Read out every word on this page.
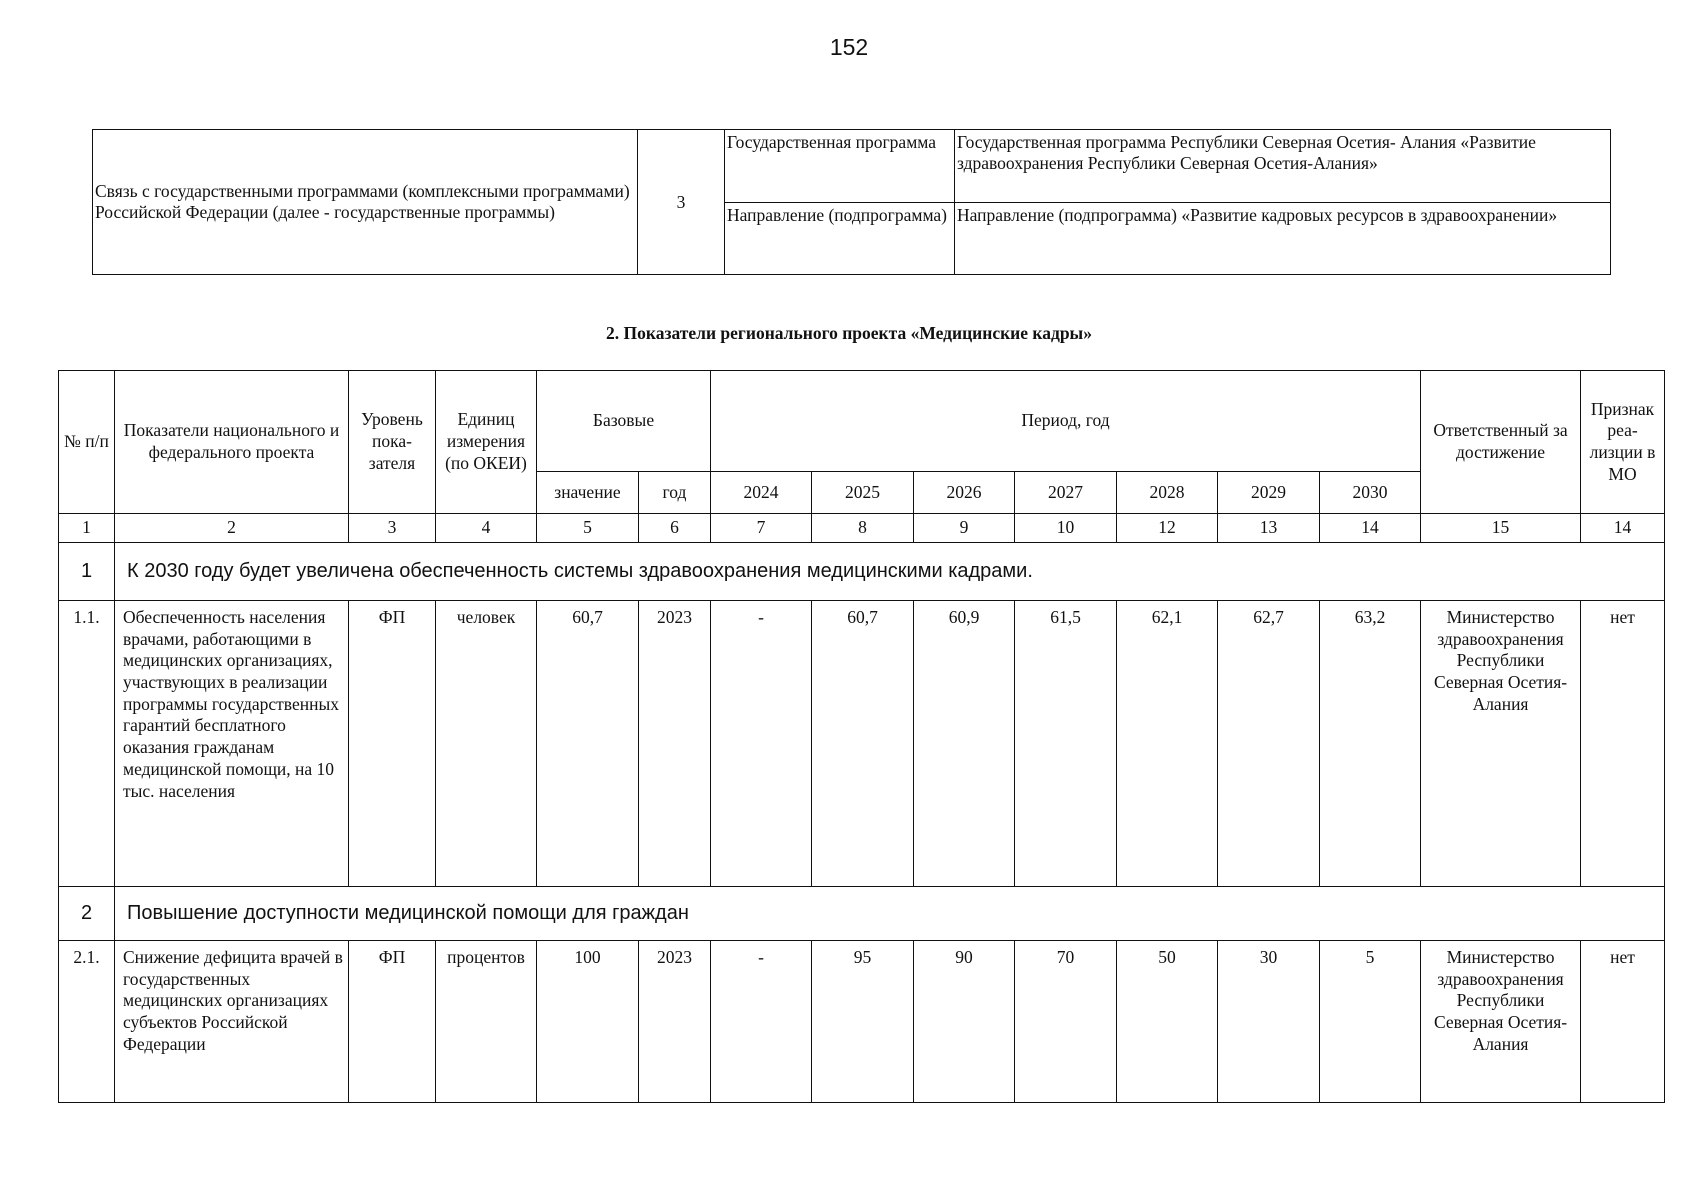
152
Связь с государственными программами (комплексными программами) Российской Федерации (далее - государственные программы)	3	Государственная программа	Государственная программа Республики Северная Осетия- Алания «Развитие здравоохранения Республики Северная Осетия-Алания»
		Направление (подпрограмма)	Направление (подпрограмма) «Развитие кадровых ресурсов в здравоохранении»
2. Показатели регионального проекта «Медицинские кадры»
№ п/п	Показатели национального и федерального проекта	Уровень пока-зателя	Единиц измерения (по ОКЕИ)	Базовые		Период, год							Ответственный за достижение	Признак реа-лизции в МО
				значение	год	2024	2025	2026	2027	2028	2029	2030		
1	2	3	4	5	6	7	8	9	10	12	13	14	15	14
1	К 2030 году будет увеличена обеспеченность системы здравоохранения медицинскими кадрами.													
1.1.	Обеспеченность населения врачами, работающими в медицинских организациях, участвующих в реализации программы государственных гарантий бесплатного оказания гражданам медицинской помощи, на 10 тыс. населения	ФП	человек	60,7	2023	-	60,7	60,9	61,5	62,1	62,7	63,2	Министерство здравоохранения Республики Северная Осетия-Алания	нет
2	Повышение доступности медицинской помощи для граждан													
2.1.	Снижение дефицита врачей в государственных медицинских организациях субъектов Российской Федерации	ФП	процентов	100	2023	-	95	90	70	50	30	5	Министерство здравоохранения Республики Северная Осетия-Алания	нет
